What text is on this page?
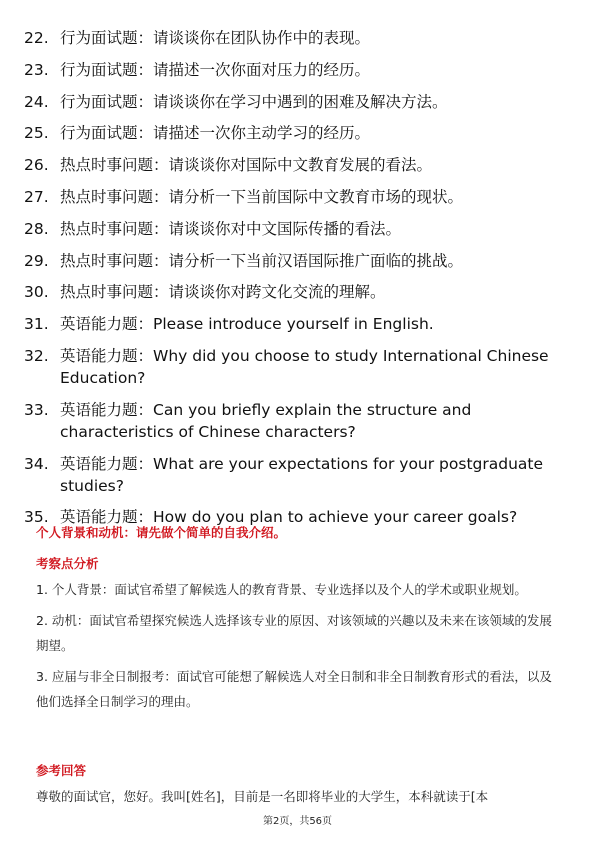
22. 行为面试题：请谈谈你在团队协作中的表现。
23. 行为面试题：请描述一次你面对压力的经历。
24. 行为面试题：请谈谈你在学习中遇到的困难及解决方法。
25. 行为面试题：请描述一次你主动学习的经历。
26. 热点时事问题：请谈谈你对国际中文教育发展的看法。
27. 热点时事问题：请分析一下当前国际中文教育市场的现状。
28. 热点时事问题：请谈谈你对中文国际传播的看法。
29. 热点时事问题：请分析一下当前汉语国际推广面临的挑战。
30. 热点时事问题：请谈谈你对跨文化交流的理解。
31. 英语能力题：Please introduce yourself in English.
32. 英语能力题：Why did you choose to study International Chinese Education?
33. 英语能力题：Can you briefly explain the structure and characteristics of Chinese characters?
34. 英语能力题：What are your expectations for your postgraduate studies?
35. 英语能力题：How do you plan to achieve your career goals?
个人背景和动机：请先做个简单的自我介绍。
考察点分析
1. 个人背景：面试官希望了解候选人的教育背景、专业选择以及个人的学术或职业规划。
2. 动机：面试官希望探究候选人选择该专业的原因、对该领域的兴趣以及未来在该领域的发展期望。
3. 应届与非全日制报考：面试官可能想了解候选人对全日制和非全日制教育形式的看法，以及他们选择全日制学习的理由。
参考回答
尊敬的面试官，您好。我叫[姓名]，目前是一名即将毕业的大学生，本科就读于[本
第2页，共56页
